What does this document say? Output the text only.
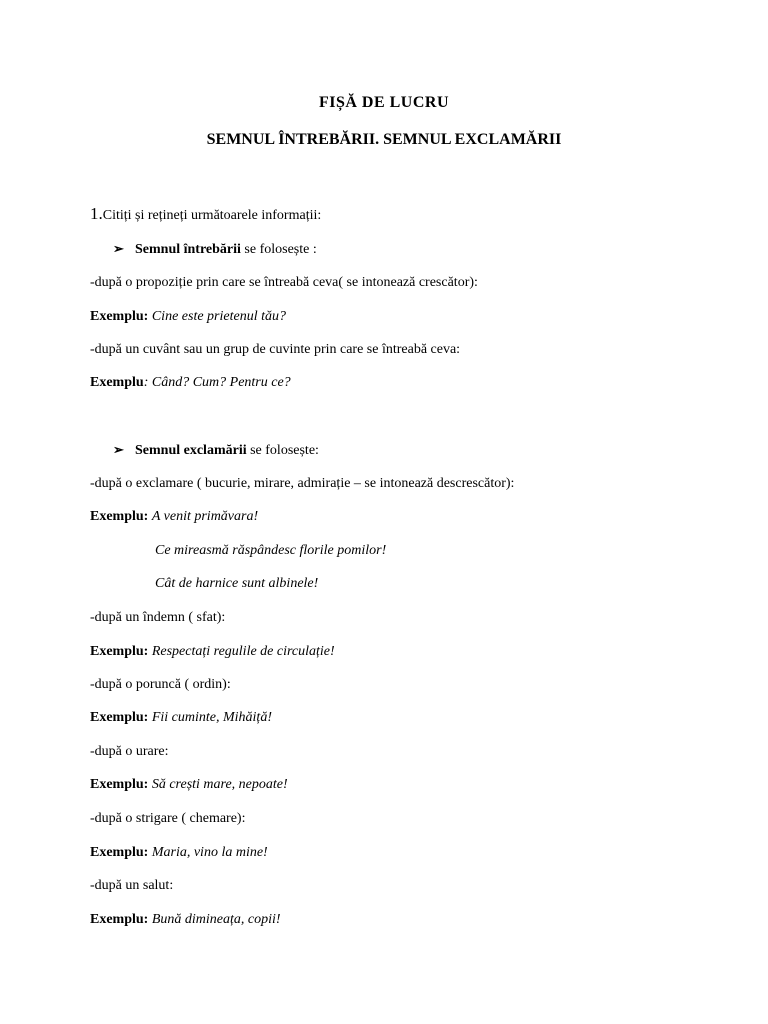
FIȘĂ DE LUCRU
SEMNUL ÎNTREBĂRII. SEMNUL EXCLAMĂRII
1.Citiți și rețineți următoarele informații:
➢ Semnul întrebării se folosește :
-după o propoziție prin care se întreabă ceva( se intonează crescător):
Exemplu: Cine este prietenul tău?
-după un cuvânt sau un grup de cuvinte prin care se întreabă ceva:
Exemplu: Când? Cum? Pentru ce?
➢ Semnul exclamării se folosește:
-după o exclamare ( bucurie, mirare, admirație – se intonează descrescător):
Exemplu: A venit primăvara!
Ce mireasmă răspândesc florile pomilor!
Cât de harnice sunt albinele!
-după un îndemn ( sfat):
Exemplu: Respectați regulile de circulație!
-după o poruncă ( ordin):
Exemplu: Fii cuminte, Mihăiță!
-după o urare:
Exemplu: Să crești mare, nepoate!
-după o strigare ( chemare):
Exemplu: Maria, vino la mine!
-după un salut:
Exemplu: Bună dimineața, copii!
